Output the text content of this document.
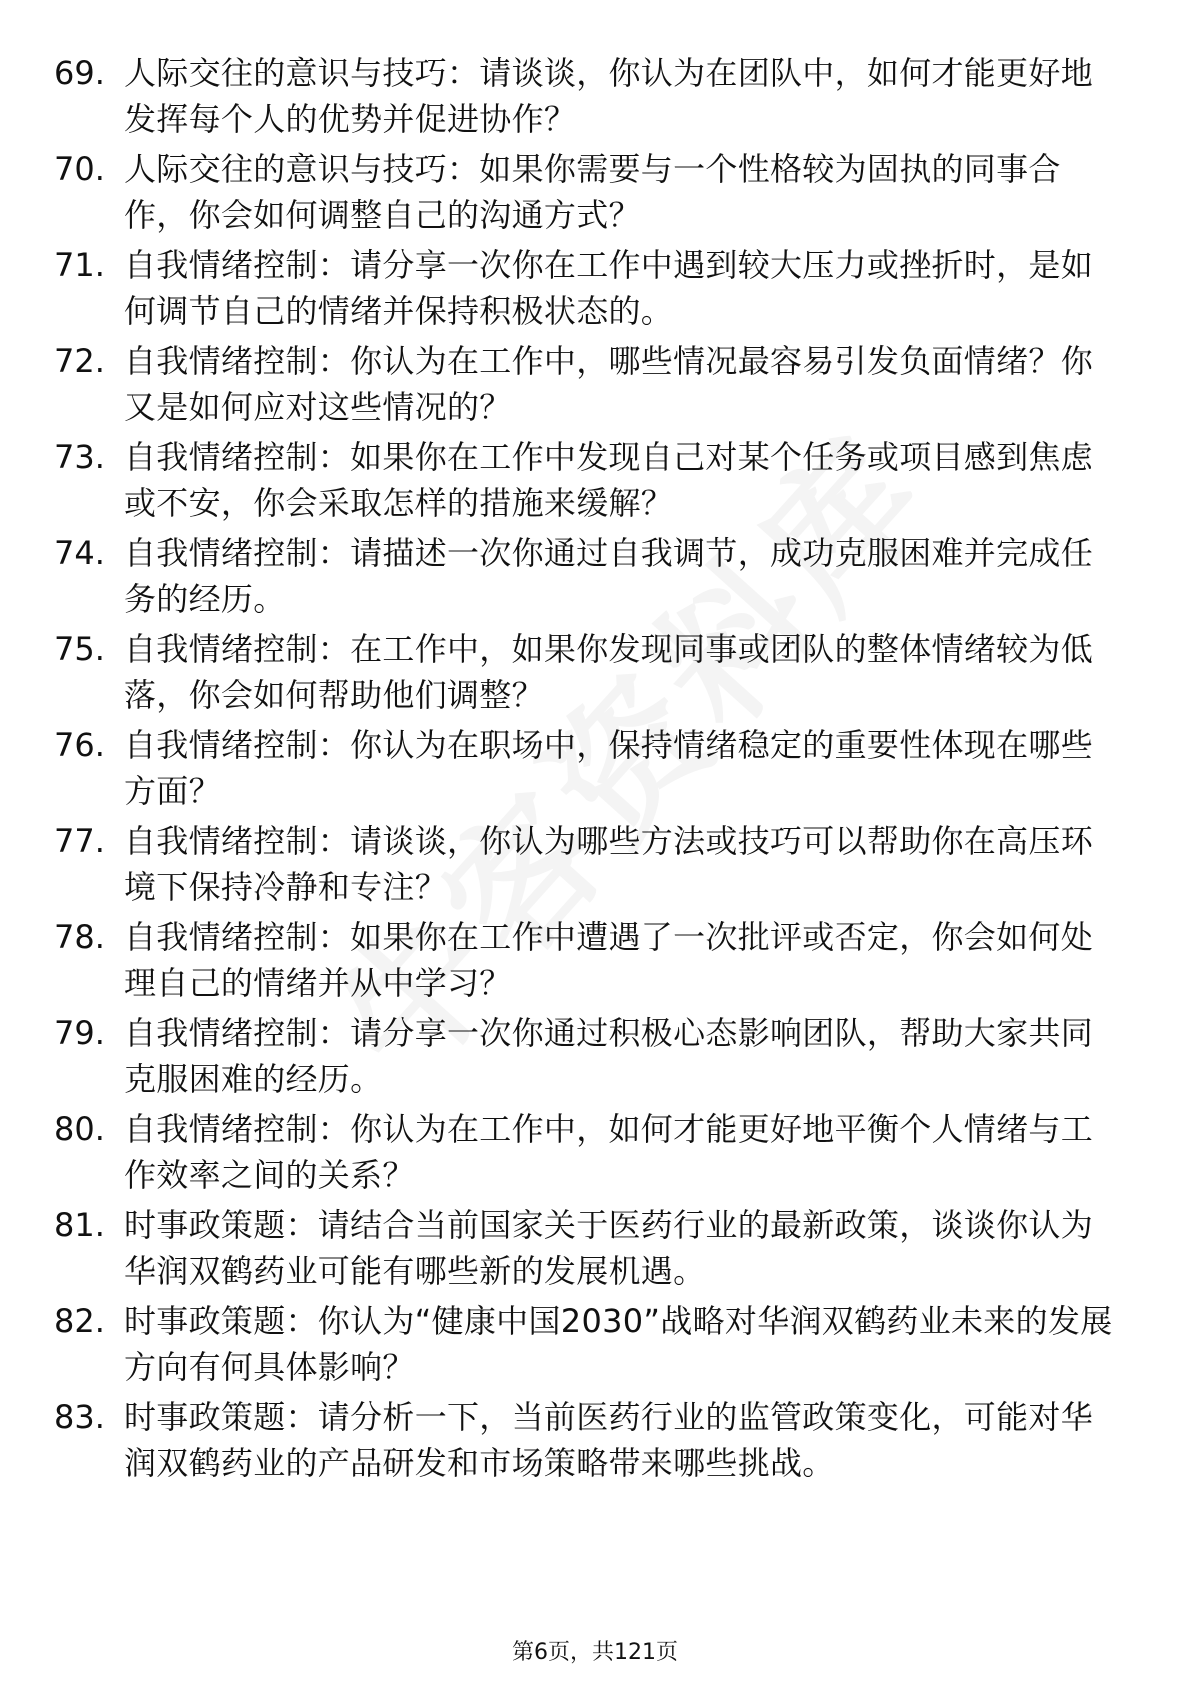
69. 人际交往的意识与技巧：请谈谈，你认为在团队中，如何才能更好地发挥每个人的优势并促进协作？
70. 人际交往的意识与技巧：如果你需要与一个性格较为固执的同事合作，你会如何调整自己的沟通方式？
71. 自我情绪控制：请分享一次你在工作中遇到较大压力或挫折时，是如何调节自己的情绪并保持积极状态的。
72. 自我情绪控制：你认为在工作中，哪些情况最容易引发负面情绪？你又是如何应对这些情况的？
73. 自我情绪控制：如果你在工作中发现自己对某个任务或项目感到焦虑或不安，你会采取怎样的措施来缓解？
74. 自我情绪控制：请描述一次你通过自我调节，成功克服困难并完成任务的经历。
75. 自我情绪控制：在工作中，如果你发现同事或团队的整体情绪较为低落，你会如何帮助他们调整？
76. 自我情绪控制：你认为在职场中，保持情绪稳定的重要性体现在哪些方面？
77. 自我情绪控制：请谈谈，你认为哪些方法或技巧可以帮助你在高压环境下保持冷静和专注？
78. 自我情绪控制：如果你在工作中遭遇了一次批评或否定，你会如何处理自己的情绪并从中学习？
79. 自我情绪控制：请分享一次你通过积极心态影响团队，帮助大家共同克服困难的经历。
80. 自我情绪控制：你认为在工作中，如何才能更好地平衡个人情绪与工作效率之间的关系？
81. 时事政策题：请结合当前国家关于医药行业的最新政策，谈谈你认为华润双鹤药业可能有哪些新的发展机遇。
82. 时事政策题：你认为“健康中国2030”战略对华润双鹤药业未来的发展方向有何具体影响？
83. 时事政策题：请分析一下，当前医药行业的监管政策变化，可能对华润双鹤药业的产品研发和市场策略带来哪些挑战。
第6页，共121页
